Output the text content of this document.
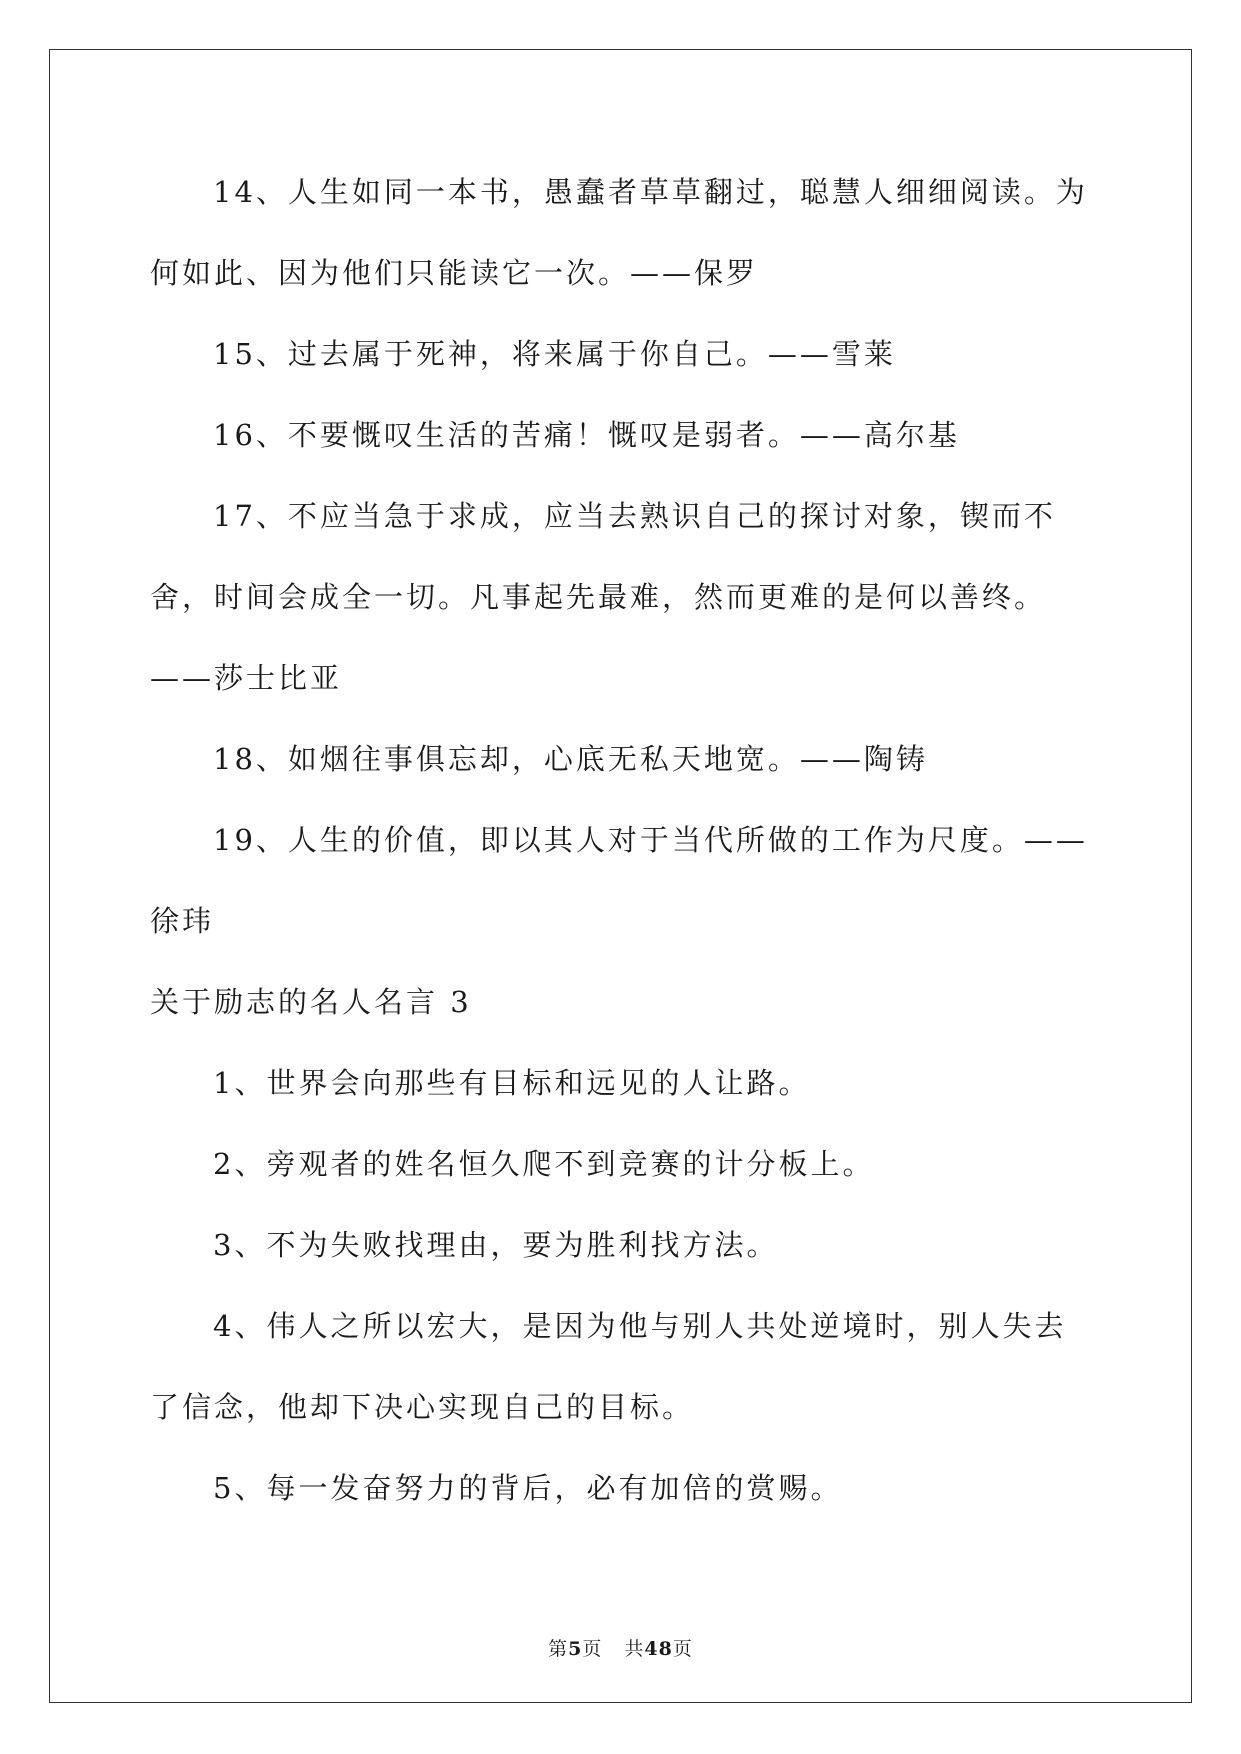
14、人生如同一本书，愚蠢者草草翻过，聪慧人细细阅读。为何如此、因为他们只能读它一次。——保罗

15、过去属于死神，将来属于你自己。——雪莱

16、不要慨叹生活的苦痛！慨叹是弱者。——高尔基

17、不应当急于求成，应当去熟识自己的探讨对象，锲而不舍，时间会成全一切。凡事起先最难，然而更难的是何以善终。——莎士比亚

18、如烟往事俱忘却，心底无私天地宽。——陶铸

19、人生的价值，即以其人对于当代所做的工作为尺度。——徐玮

关于励志的名人名言 3

1、世界会向那些有目标和远见的人让路。

2、旁观者的姓名恒久爬不到竞赛的计分板上。

3、不为失败找理由，要为胜利找方法。

4、伟人之所以宏大，是因为他与别人共处逆境时，别人失去了信念，他却下决心实现自己的目标。

5、每一发奋努力的背后，必有加倍的赏赐。

第5页 共48页
